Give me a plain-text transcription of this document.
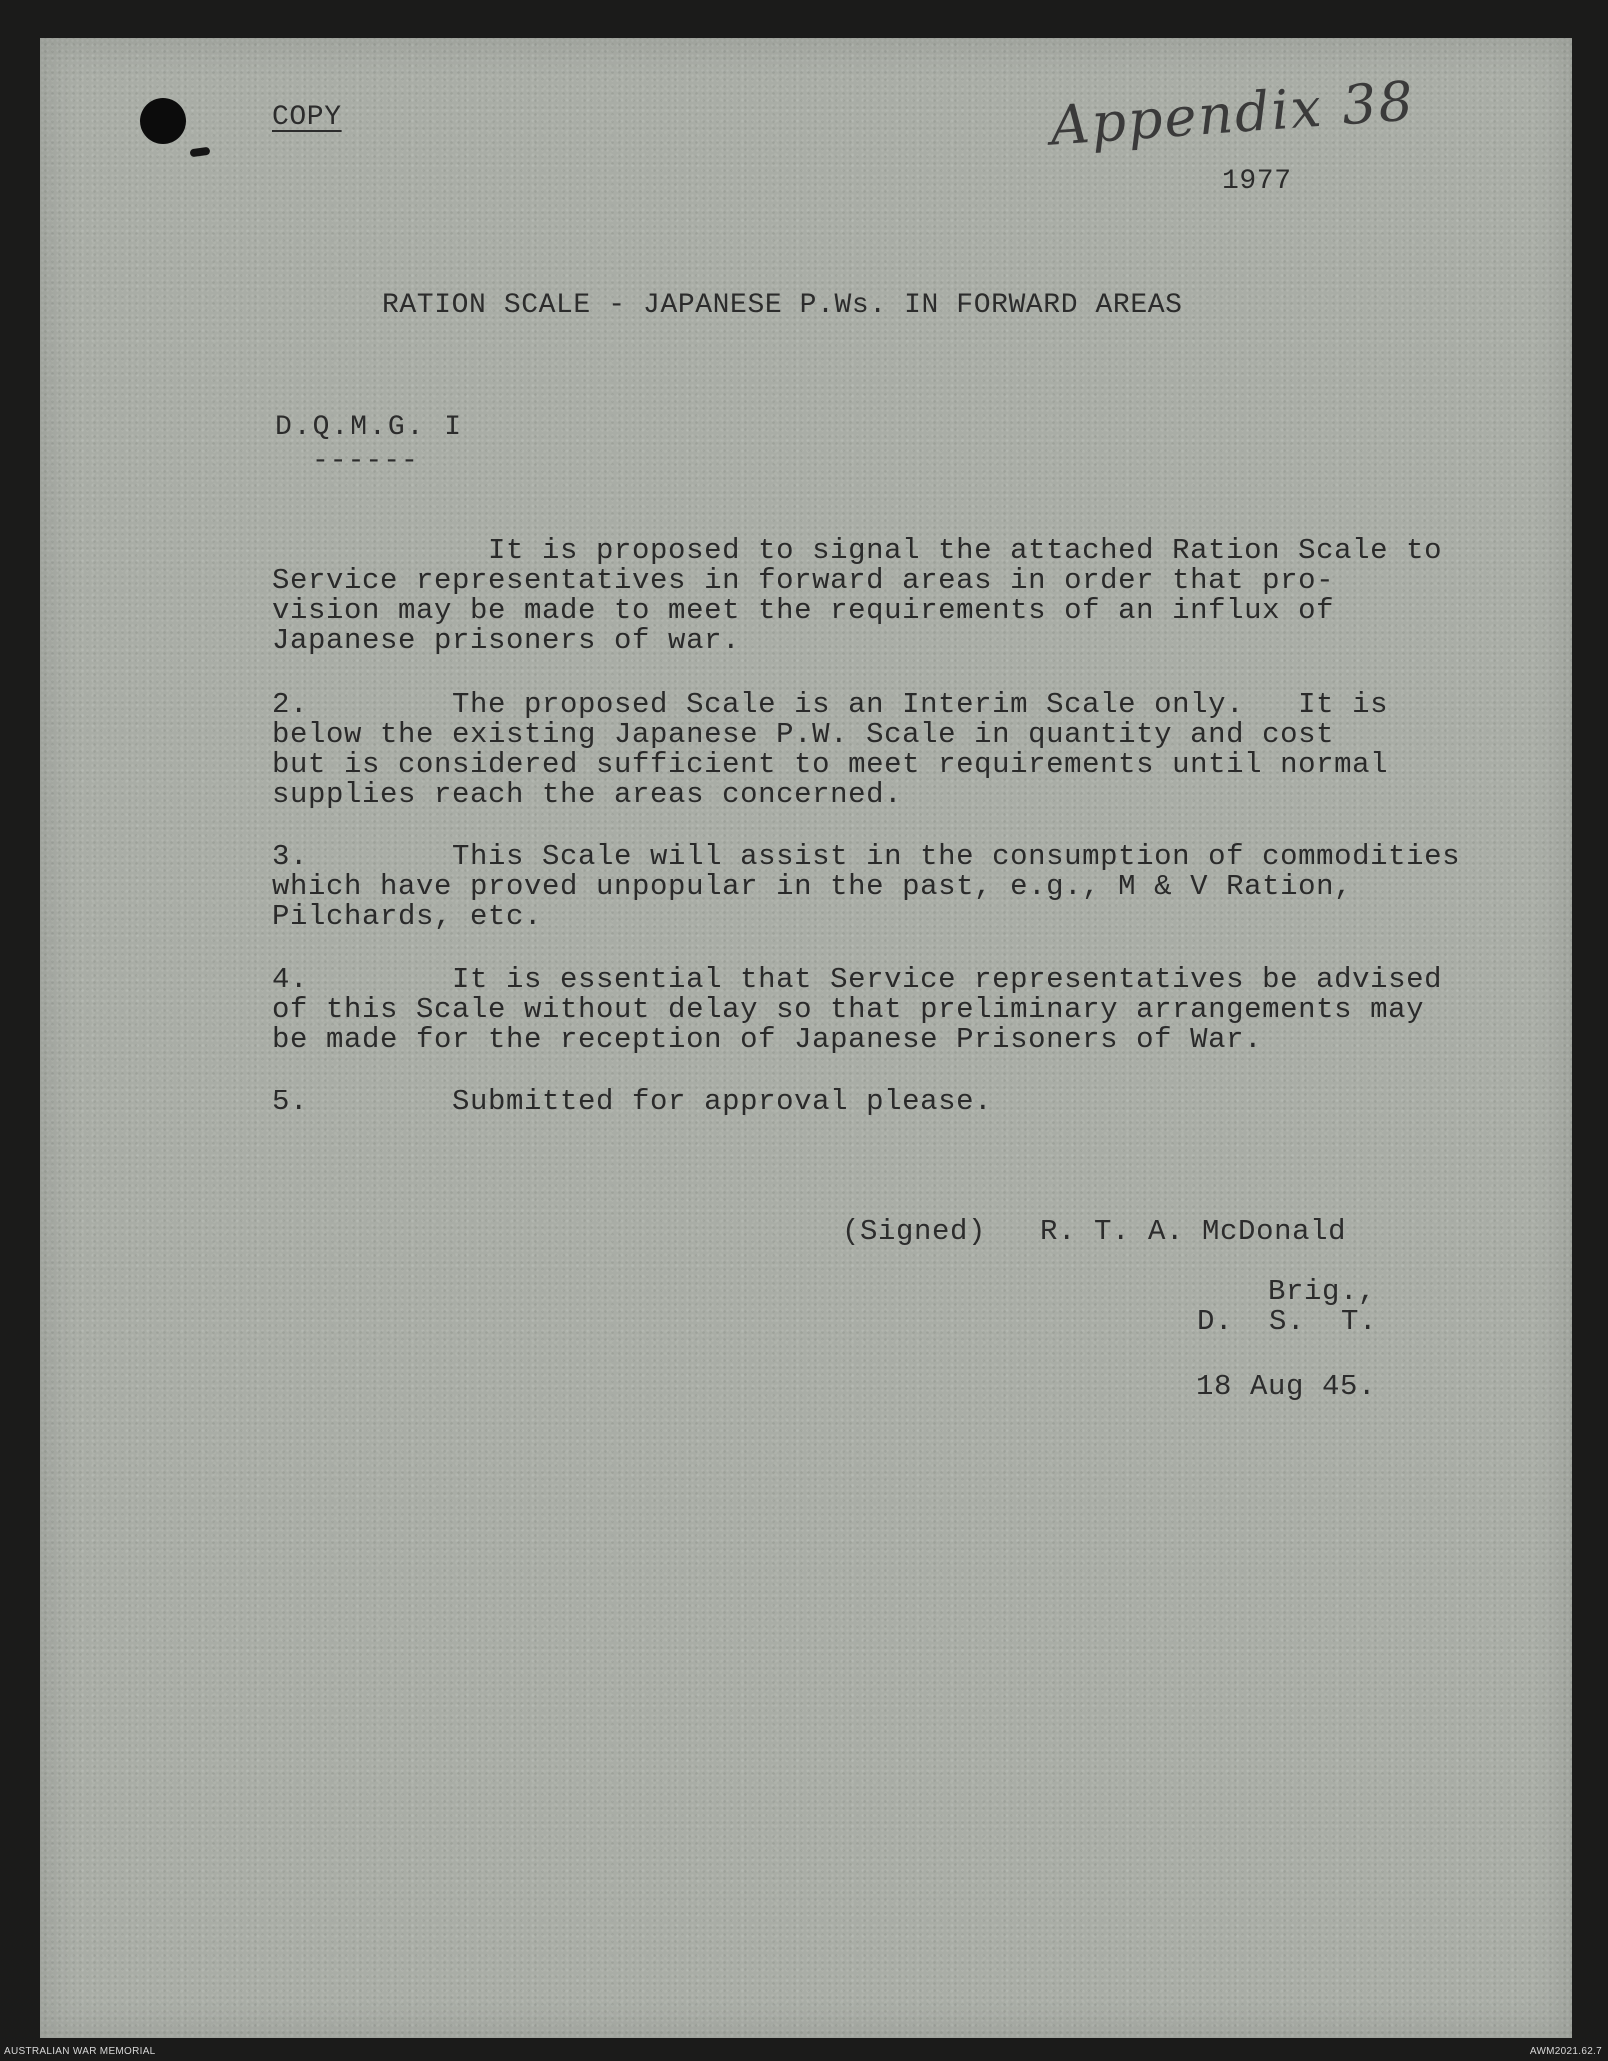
COPY	Appendix 38
1977
RATION SCALE - JAPANESE P.Ws. IN FORWARD AREAS
D.Q.M.G. I
------
It is proposed to signal the attached Ration Scale to
Service representatives in forward areas in order that pro-
vision may be made to meet the requirements of an influx of
Japanese prisoners of war.
2.        The proposed Scale is an Interim Scale only.   It is
below the existing Japanese P.W. Scale in quantity and cost
but is considered sufficient to meet requirements until normal
supplies reach the areas concerned.
3.        This Scale will assist in the consumption of commodities
which have proved unpopular in the past, e.g., M & V Ration,
Pilchards, etc.
4.        It is essential that Service representatives be advised
of this Scale without delay so that preliminary arrangements may
be made for the reception of Japanese Prisoners of War.
5.        Submitted for approval please.
(Signed)   R. T. A. McDonald
Brig.,
D.  S.  T.
18 Aug 45.
AUSTRALIAN WAR MEMORIAL	AWM2021.62.7
